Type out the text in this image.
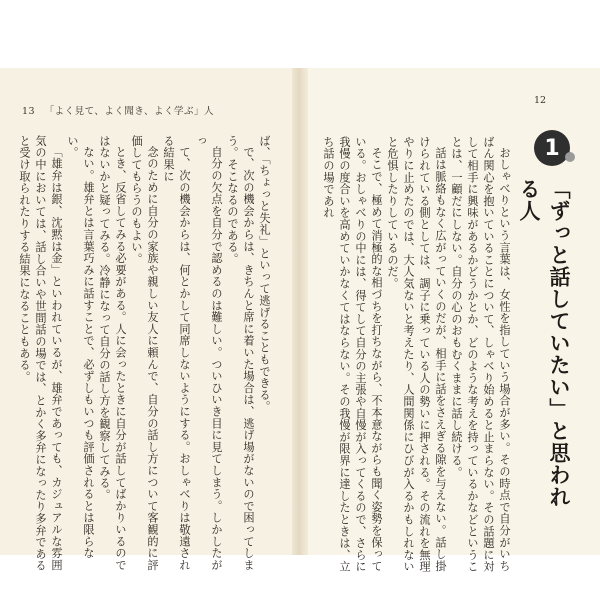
13 「よく見て、よく聞き、よく学ぶ」人
12

ば、「ちょっと失礼」といって逃げることもできる。

で、次の機会からは、きちんと席に着いた場合は、逃げ場がないので困ってしまう。そこなるのである。

自分の欠点を自分で認めるのは難しい。ついひいき目に見てしまう。しかしたがっ

て、次の機会からは、何とかして同席しないようにする。おしゃべりは敬遠される結果に

念のために自分の家族や親しい友人に頼んで、自分の話し方について客観的に評価してもらうのもよい。

とき、反省してみる必要がある。人に会ったときに自分が話してばかりいるのではないかと疑ってみる。冷静になって自分の話し方を観察してみる。

ない。雄弁とは言葉巧みに話すことで、必ずしもいつも評価されるとは限らない。

「雄弁は銀、沈黙は金」といわれているが、雄弁であっても、カジュアルな雰囲気の中においては、話し合いや世間話の場では、とかく多弁になったり多弁であると受け取られたりする結果になることもある。	おしゃべりという言葉は、女性を指していう場合が多い。その時点で自分がいちばん関心を抱いていることについて、しゃべり始めると止まらない。その話題に対して相手に興味があるかどうかとか、どのような考えを持っているかなどということは、一顧だにしない。自分の心のおもむくままに話し続ける。

話は脈絡もなく広がっていくのだが、相手に話をさえぎる隙を与えない。話し掛けられている側としては、調子に乗っている人の勢いに押される。その流れを無理やりに止めたのでは、大人気ないと考えたり、人間関係にひびが入るかもしれないと危惧したりしているのだ。

そこで、極めて消極的な相づちを打ちながら、不本意ながらも聞く姿勢を保っている。おしゃべりの中には、得てして自分の主張や自慢が入ってくるので、さらに我慢の度合いを高めていかなくてはならない。その我慢が限界に達したときは、立ち話の場であれ	1
「ずっと話していたい」と思われる人
